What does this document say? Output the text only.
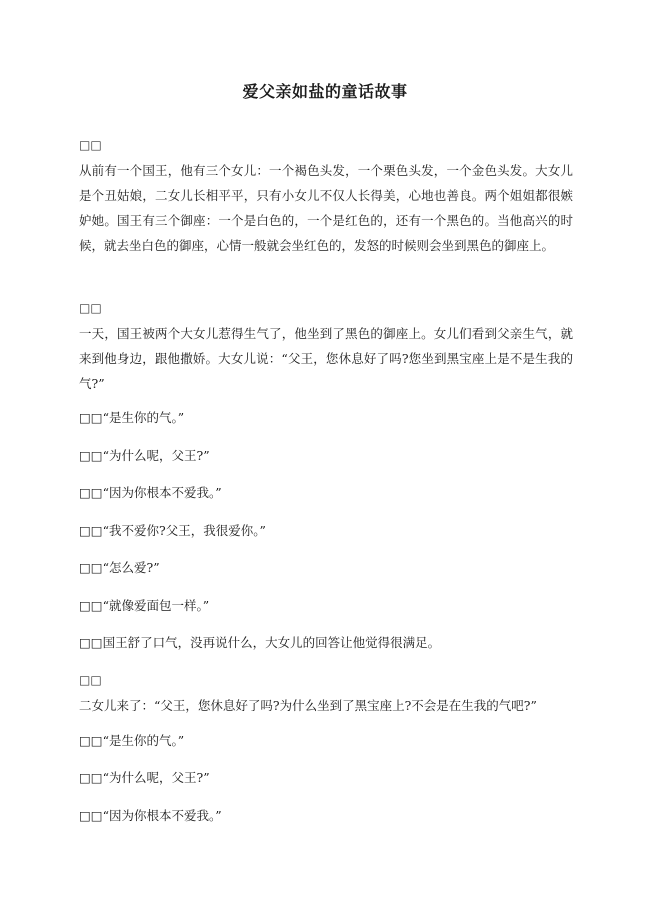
爱父亲如盐的童话故事
□□
从前有一个国王，他有三个女儿：一个褐色头发，一个栗色头发，一个金色头发。大女儿是个丑姑娘，二女儿长相平平，只有小女儿不仅人长得美，心地也善良。两个姐姐都很嫉妒她。国王有三个御座：一个是白色的，一个是红色的，还有一个黑色的。当他高兴的时候，就去坐白色的御座，心情一般就会坐红色的，发怒的时候则会坐到黑色的御座上。
□□
一天，国王被两个大女儿惹得生气了，他坐到了黑色的御座上。女儿们看到父亲生气，就来到他身边，跟他撒娇。大女儿说：“父王，您休息好了吗?您坐到黑宝座上是不是生我的气?”

□□“是生你的气。”

□□“为什么呢，父王?”

□□“因为你根本不爱我。”

□□“我不爱你?父王，我很爱你。”

□□“怎么爱?”

□□“就像爱面包一样。”

□□国王舒了口气，没再说什么，大女儿的回答让他觉得很满足。

□□
二女儿来了：“父王，您休息好了吗?为什么坐到了黑宝座上?不会是在生我的气吧?”

□□“是生你的气。”

□□“为什么呢，父王?”

□□“因为你根本不爱我。”
